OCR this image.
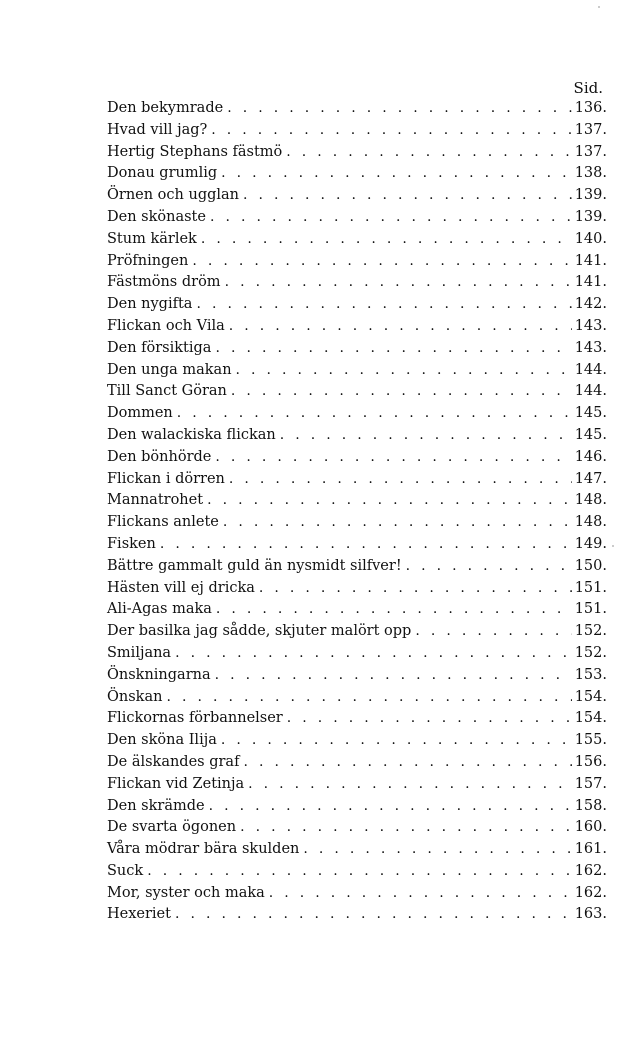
Sid.
Den bekymrade . . .	136.
Hvad vill jag? . . .	137.
Hertig Stephans fästmö . . .	137.
Donau grumlig . . .	138.
Örnen och ugglan . . .	139.
Den skönaste . . .	139.
Stum kärlek . . .	140.
Pröfningen . . .	141.
Fästmöns dröm . . .	141.
Den nygifta . . .	142.
Flickan och Vila . . .	143.
Den försiktiga . . .	143.
Den unga makan . . .	144.
Till Sanct Göran . . .	144.
Dommen . . .	145.
Den walackiska flickan . . .	145.
Den bönhörde . . .	146.
Flickan i dörren . . .	147.
Mannatrohet . . .	148.
Flickans anlete . . .	148.
Fisken . . .	149.
Bättre gammalt guld än nysmidt silfver! . . .	150.
Hästen vill ej dricka . . .	151.
Ali-Agas maka . . .	151.
Der basilka jag sådde, skjuter malört opp . . .	152.
Smiljana . . .	152.
Önskningarna . . .	153.
Önskan . . .	154.
Flickornas förbannelser . . .	154.
Den sköna Ilija . . .	155.
De älskandes graf . . .	156.
Flickan vid Zetinja . . .	157.
Den skrämde . . .	158.
De svarta ögonen . . .	160.
Våra mödrar bära skulden . . .	161.
Suck . . .	162.
Mor, syster och maka . . .	162.
Hexeriet . . .	163.
